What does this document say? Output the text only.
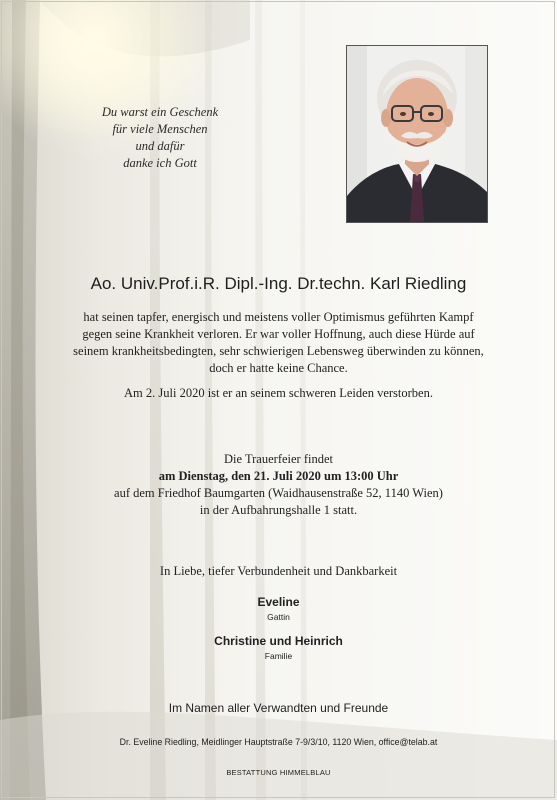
Du warst ein Geschenk
für viele Menschen
und dafür
danke ich Gott
Ao. Univ.Prof.i.R. Dipl.-Ing. Dr.techn. Karl Riedling
hat seinen tapfer, energisch und meistens voller Optimismus geführten Kampf
gegen seine Krankheit verloren. Er war voller Hoffnung, auch diese Hürde auf
seinem krankheitsbedingten, sehr schwierigen Lebensweg überwinden zu können,
doch er hatte keine Chance.
Am 2. Juli 2020 ist er an seinem schweren Leiden verstorben.
Die Trauerfeier findet
am Dienstag, den 21. Juli 2020 um 13:00 Uhr
auf dem Friedhof Baumgarten (Waidhausenstraße 52, 1140 Wien)
in der Aufbahrungshalle 1 statt.
In Liebe, tiefer Verbundenheit und Dankbarkeit
Eveline
Gattin
Christine und Heinrich
Familie
Im Namen aller Verwandten und Freunde
Dr. Eveline Riedling, Meidlinger Hauptstraße 7-9/3/10, 1120 Wien, office@telab.at
BESTATTUNG HIMMELBLAU
